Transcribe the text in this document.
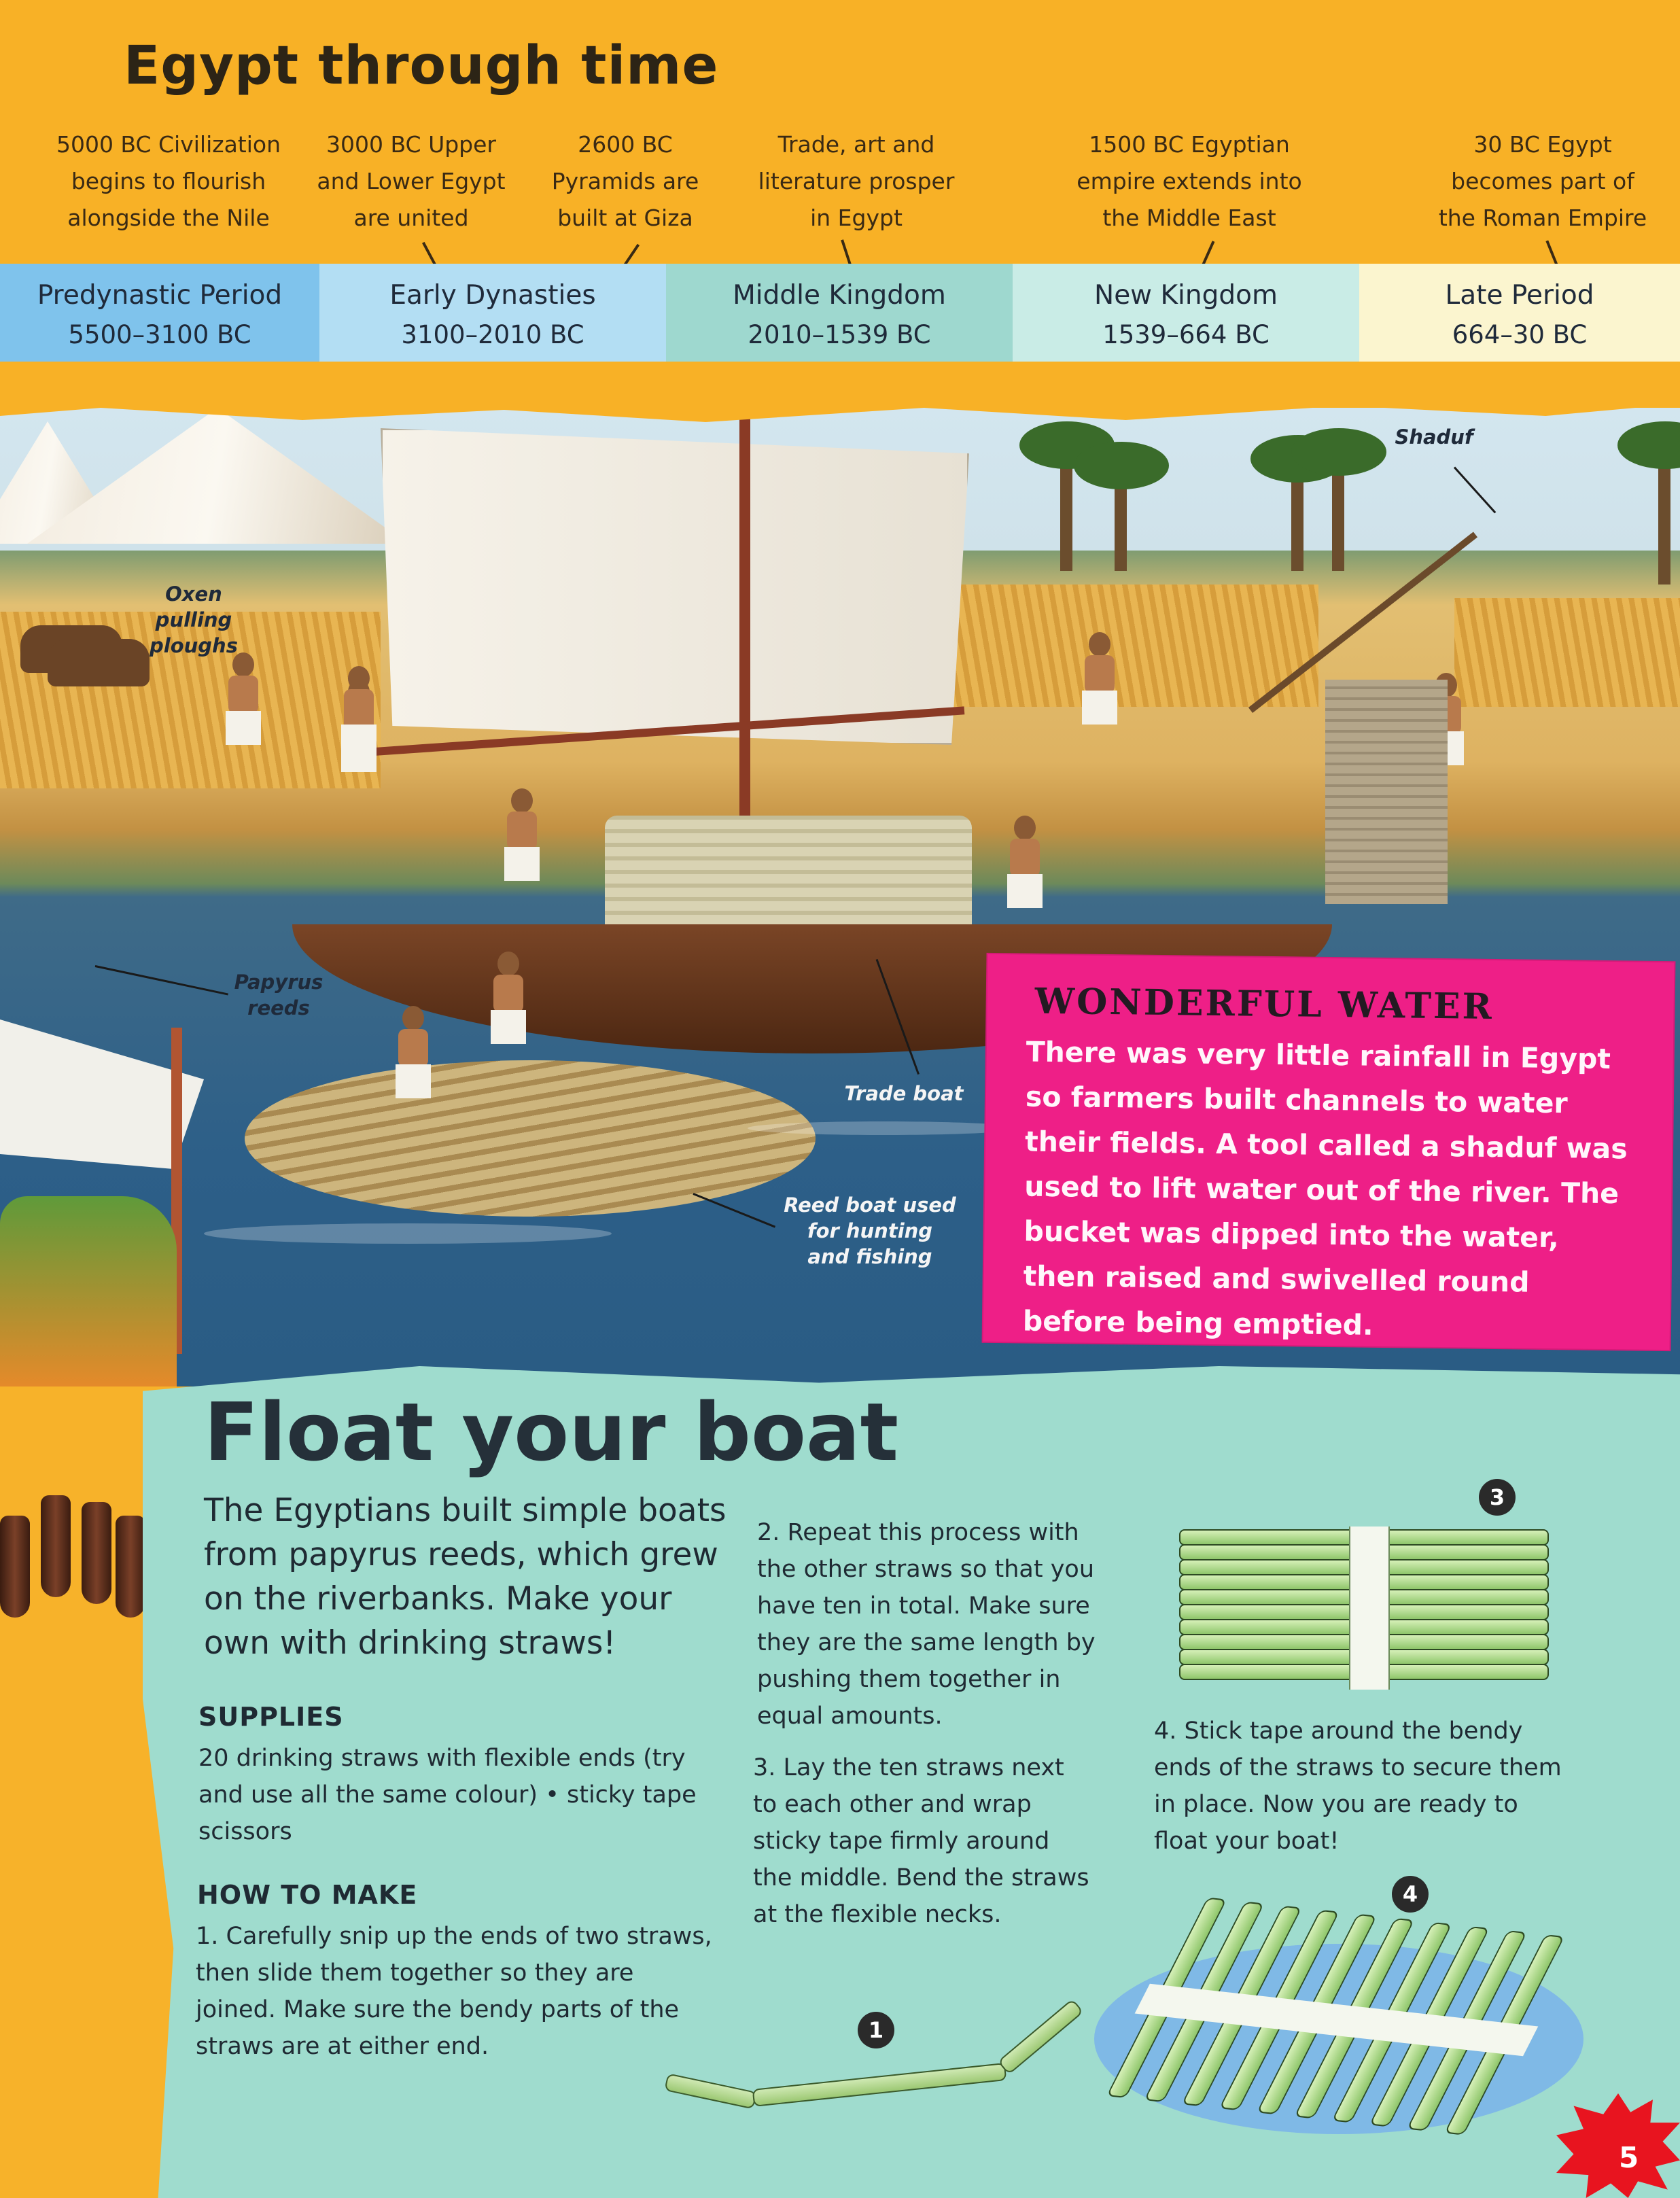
Egypt through time
5000 BC Civilization
begins to flourish
alongside the Nile
3000 BC Upper
and Lower Egypt
are united
2600 BC
Pyramids are
built at Giza
Trade, art and
literature prosper
in Egypt
1500 BC Egyptian
empire extends into
the Middle East
30 BC Egypt
becomes part of
the Roman Empire
Predynastic Period
5500–3100 BC
Early Dynasties
3100–2010 BC
Middle Kingdom
2010–1539 BC
New Kingdom
1539–664 BC
Late Period
664–30 BC
Oxen
pulling
ploughs
Shaduf
Papyrus
reeds
Trade boat
Reed boat used
for hunting
and fishing
WONDERFUL WATER
There was very little rainfall in Egypt so farmers built channels to water their fields. A tool called a shaduf was used to lift water out of the river. The bucket was dipped into the water, then raised and swivelled round before being emptied.
Float your boat
The Egyptians built simple boats from papyrus reeds, which grew on the riverbanks. Make your own with drinking straws!
SUPPLIES
20 drinking straws with flexible ends (try and use all the same colour) • sticky tape scissors
HOW TO MAKE
1. Carefully snip up the ends of two straws, then slide them together so they are joined. Make sure the bendy parts of the straws are at either end.
2. Repeat this process with the other straws so that you have ten in total. Make sure they are the same length by pushing them together in equal amounts.
3. Lay the ten straws next to each other and wrap sticky tape firmly around the middle. Bend the straws at the flexible necks.
4. Stick tape around the bendy ends of the straws to secure them in place. Now you are ready to float your boat!
1
3
4
5
